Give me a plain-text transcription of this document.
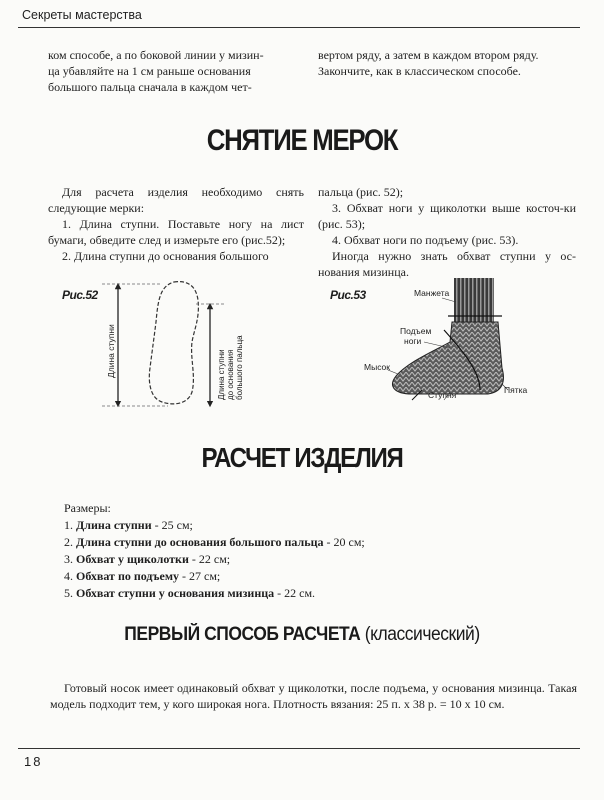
Секреты мастерства

ком способе, а по боковой линии у мизин-

ца убавляйте на 1 см раньше основания

большого пальца сначала в каждом чет-

вертом ряду, а затем в каждом втором ряду.

Закончите, как в классическом способе.

СНЯТИЕ МЕРОК

Для расчета изделия необходимо снять следующие мерки:

1. Длина ступни. Поставьте ногу на лист бумаги, обведите след и измерьте его (рис.52);

2. Длина ступни до основания большого

пальца (рис. 52);

3. Обхват ноги у щиколотки выше косточ-ки (рис. 53);

4. Обхват ноги по подъему (рис. 53).

Иногда нужно знать обхват ступни у ос-нования мизинца.

Рис.52	Рис.53
Длина ступни	Длина ступни до основания большого пальца
Манжета
Подъем
ноги
Мысок
Ступня	Пятка
РАСЧЕТ ИЗДЕЛИЯ
Размеры:
1. Длина ступни - 25 см;
2. Длина ступни до основания большого пальца - 20 см;
3. Обхват у щиколотки - 22 см;
4. Обхват по подъему - 27 см;
5. Обхват ступни у основания мизинца - 22 см.
ПЕРВЫЙ СПОСОБ РАСЧЕТА (классический)

Готовый носок имеет одинаковый обхват у щиколотки, после подъема, у основания мизинца. Такая модель подходит тем, у кого широкая нога. Плотность вязания: 25 п. х 38 р. = 10 х 10 см.

18
